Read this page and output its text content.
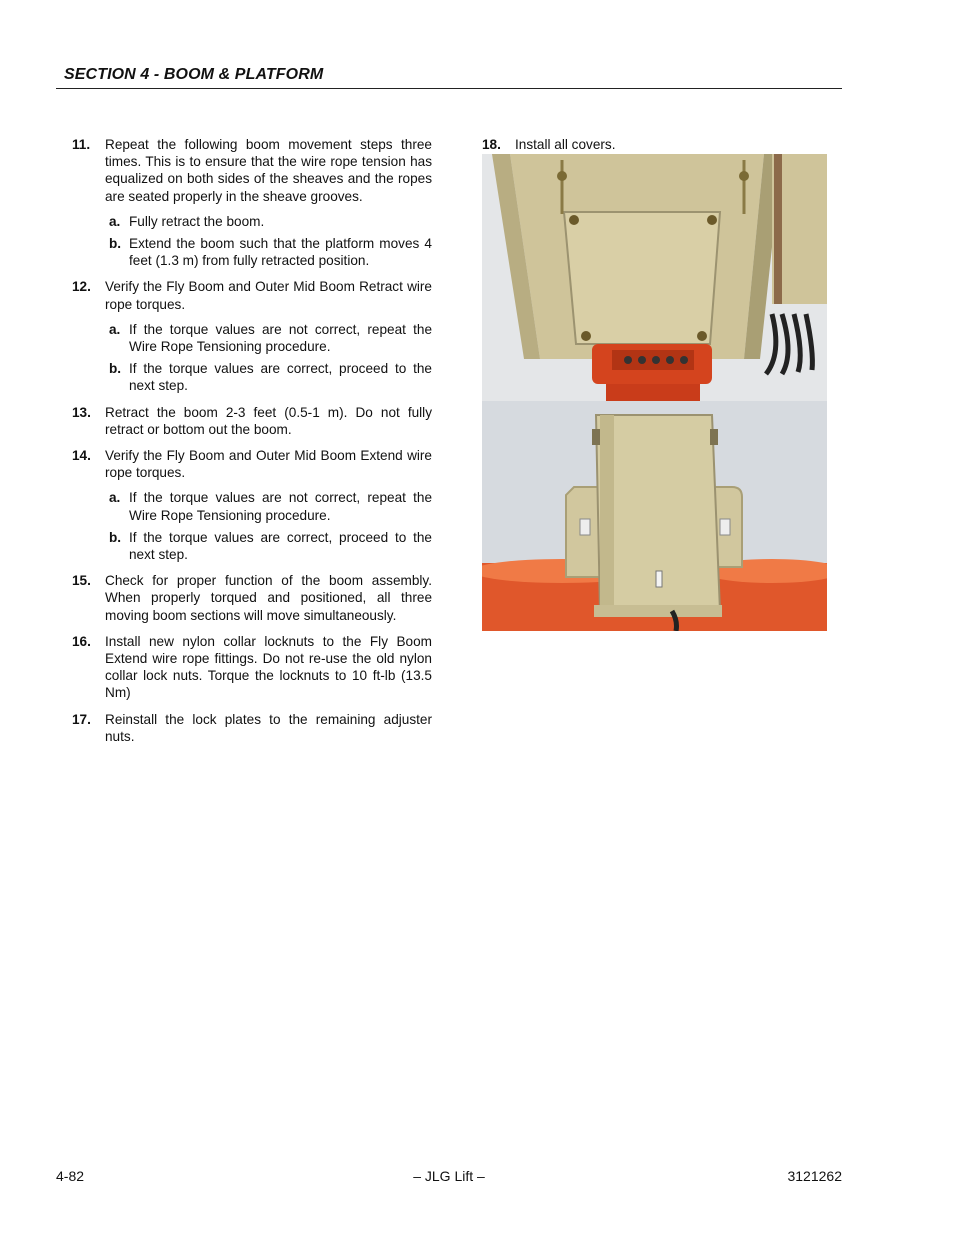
SECTION 4 - BOOM & PLATFORM
11. Repeat the following boom movement steps three times. This is to ensure that the wire rope tension has equalized on both sides of the sheaves and the ropes are seated properly in the sheave grooves.
a. Fully retract the boom.
b. Extend the boom such that the platform moves 4 feet (1.3 m) from fully retracted position.
12. Verify the Fly Boom and Outer Mid Boom Retract wire rope torques.
a. If the torque values are not correct, repeat the Wire Rope Tensioning procedure.
b. If the torque values are correct, proceed to the next step.
13. Retract the boom 2-3 feet (0.5-1 m). Do not fully retract or bottom out the boom.
14. Verify the Fly Boom and Outer Mid Boom Extend wire rope torques.
a. If the torque values are not correct, repeat the Wire Rope Tensioning procedure.
b. If the torque values are correct, proceed to the next step.
15. Check for proper function of the boom assembly. When properly torqued and positioned, all three moving boom sections will move simultaneously.
16. Install new nylon collar locknuts to the Fly Boom Extend wire rope fittings. Do not re-use the old nylon collar lock nuts. Torque the locknuts to 10 ft-lb (13.5 Nm)
17. Reinstall the lock plates to the remaining adjuster nuts.
18. Install all covers.
4-82	– JLG Lift –	3121262
